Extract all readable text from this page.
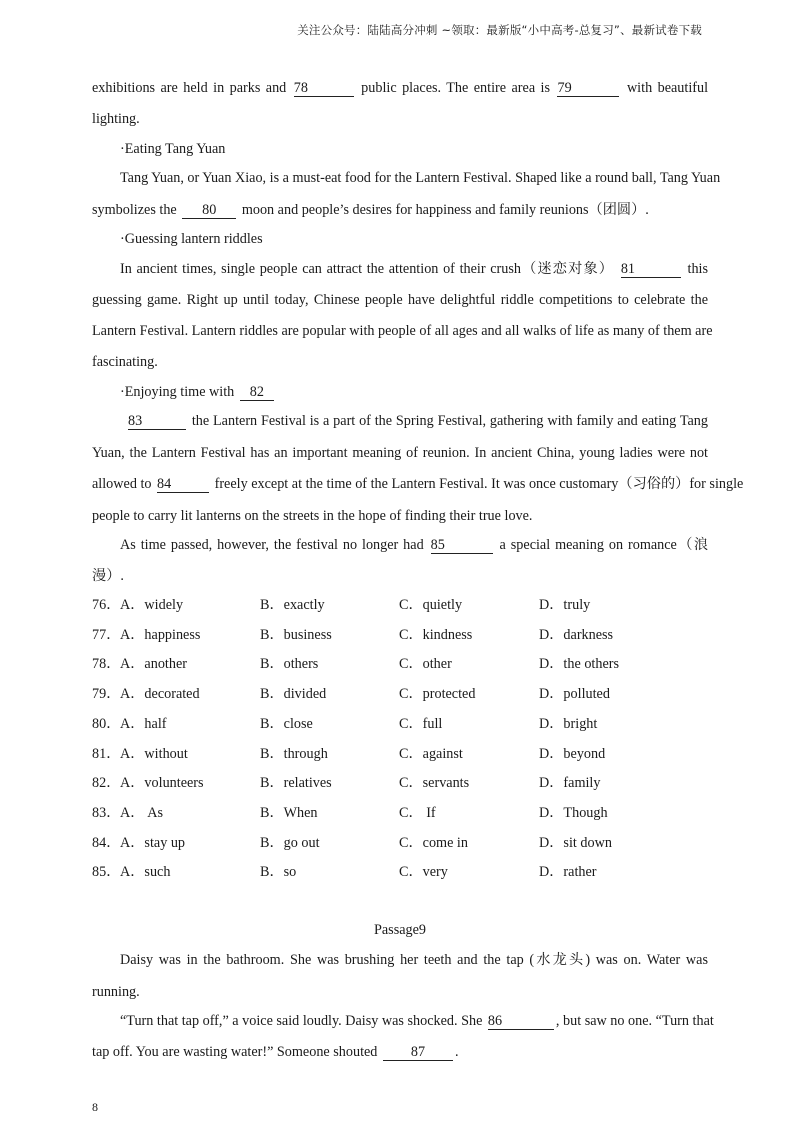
关注公众号：陆陆高分冲刺 ~领取：最新版“小中高考-总复习”、最新试卷下载
exhibitions are held in parks and 78	public places. The entire area is 79	with beautiful
lighting.
·Eating Tang Yuan
Tang Yuan, or Yuan Xiao, is a must-eat food for the Lantern Festival. Shaped like a round ball, Tang Yuan
symbolizes the 80 moon and people’s desires for happiness and family reunions（团圆）.
·Guessing lantern riddles
In ancient times, single people can attract the attention of their crush（迷恋对象） 81	this
guessing game. Right up until today, Chinese people have delightful riddle competitions to celebrate the
Lantern Festival. Lantern riddles are popular with people of all ages and all walks of life as many of them are
fascinating.
·Enjoying time with 82
83	the Lantern Festival is a part of the Spring Festival, gathering with family and eating Tang
Yuan, the Lantern Festival has an important meaning of reunion. In ancient China, young ladies were not
allowed to 84	freely except at the time of the Lantern Festival. It was once customary（习俗的）for single
people to carry lit lanterns on the streets in the hope of finding their true love.
As time passed, however, the festival no longer had 85	a special meaning on romance（浪
漫）.
76． A．widely	B．exactly	C．quietly	D．truly
77． A．happiness	B．business	C．kindness	D．darkness
78． A．another	B．others	C．other	D．the others
79． A．decorated	B．divided	C．protected	D．polluted
80． A．half	B．close	C．full	D．bright
81． A．without	B．through	C．against	D．beyond
82． A．volunteers	B．relatives	C．servants	D．family
83． A． As	B．When	C． If	D．Though
84． A．stay up	B．go out	C．come in	D．sit down
85． A．such	B．so	C．very	D．rather
Passage9
Daisy was in the bathroom. She was brushing her teeth and the tap (水龙头) was on. Water was
running.
“Turn that tap off,” a voice said loudly. Daisy was shocked. She 86	, but saw no one. “Turn that
tap off. You are wasting water!” Someone shouted 87 .
8
